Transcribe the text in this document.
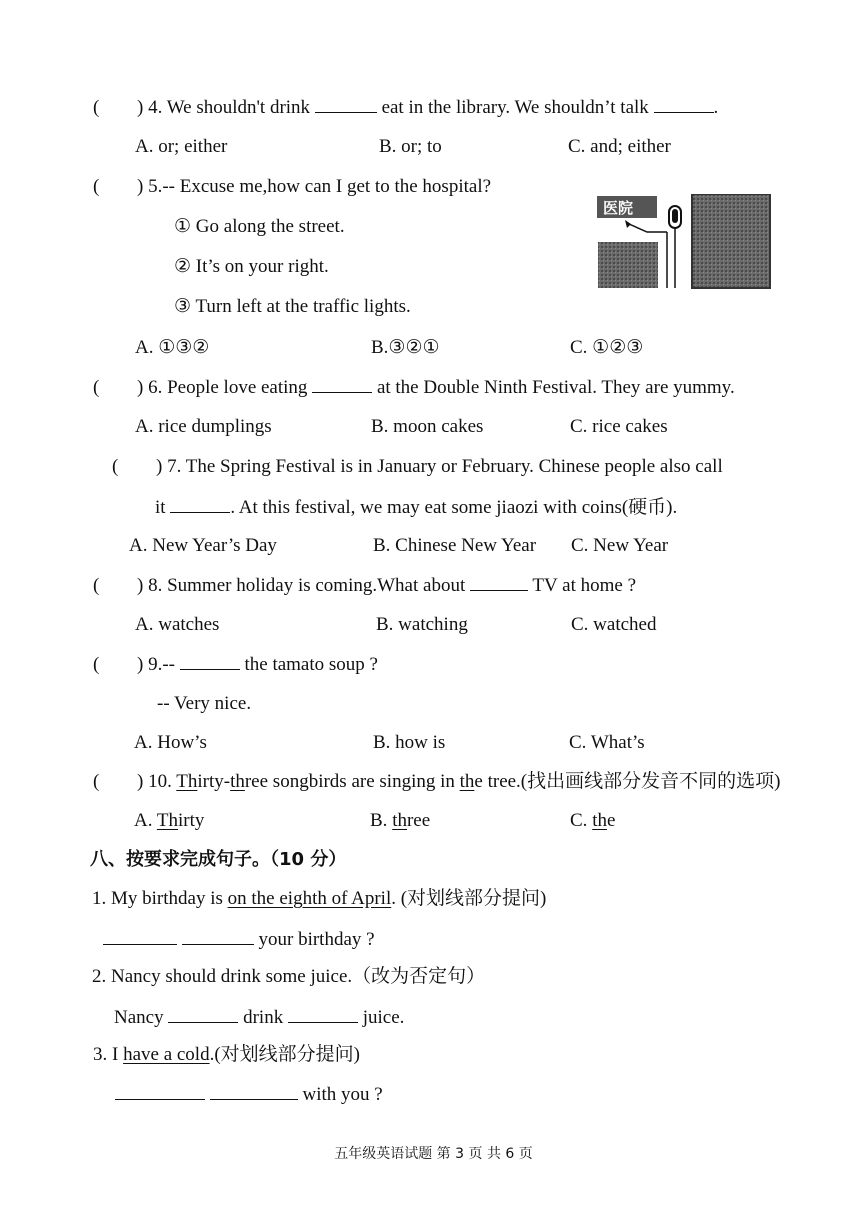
( ) 4. We shouldn't drink	eat in the library. We shouldn’t talk	.
A. or; either	B. or; to	C. and; either
( ) 5.-- Excuse me,how can I get to the hospital?
① Go along the street.
② It’s on your right.
③ Turn left at the traffic lights.
医院
A. ①③②	B.③②①	C. ①②③
( ) 6. People love eating	at the Double Ninth Festival. They are yummy.
A. rice dumplings	B. moon cakes	C. rice cakes
( ) 7. The Spring Festival is in January or February. Chinese people also call
it	. At this festival, we may eat some jiaozi with coins(硬币).
A. New Year’s Day	B. Chinese New Year C. New Year
( ) 8. Summer holiday is coming.What about	TV at home ?
A. watches	B. watching	C. watched
( ) 9.--	the tamato soup ?
-- Very nice.
A. How’s	B. how is	C. What’s
( ) 10. Thirty-three songbirds are singing in the tree.(找出画线部分发音不同的选项)
A. Thirty	B. three	C. the
八、按要求完成句子。（10 分）
1. My birthday is on the eighth of April. (对划线部分提问)
your birthday ?
2. Nancy should drink some juice.（改为否定句）
Nancy	drink	juice.
3. I have a cold.(对划线部分提问)
with you ?
五年级英语试题 第 3 页 共 6 页
